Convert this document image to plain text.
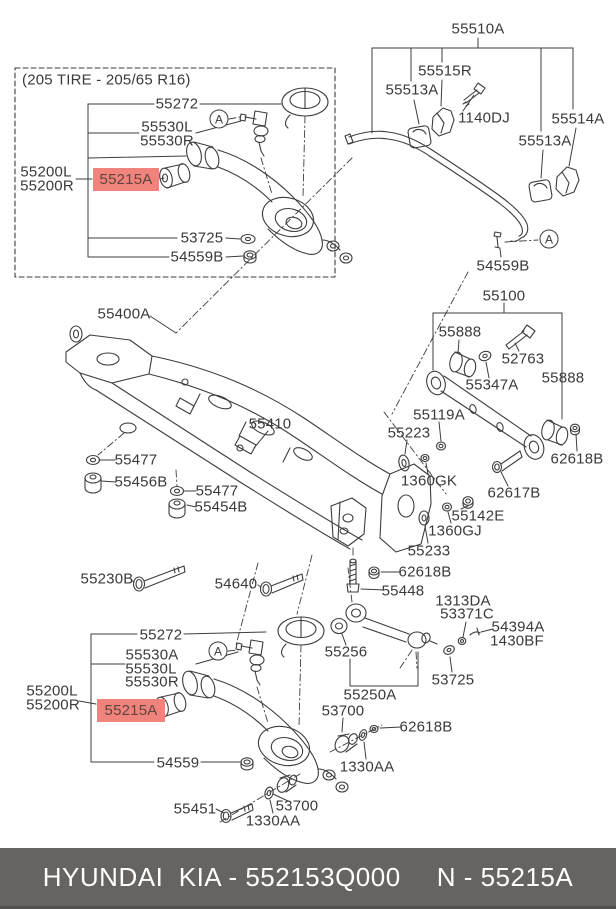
(205 TIRE - 205/65 R16)
55272
55530L
55530R
55200L
55200R	55215A
53725
54559B
55510A
55515R
55513A
1140DJ	55514A
55513A
54559B
55400A
55410
55477
55456B
55477
55454B
55230B	54640
55100
55888
52763
55347A 55888
55119A
55223
1360GK
62618B
62617B
55142E
1360GJ
55233
62618B
55448
1313DA
53371C
54394A
1430BF
55256
53725
55250A
53700
62618B
1330AA
55272
55530A
55530L
55530R
55200L
55200R	55215A
54559
55451	53700
1330AA
A
A
A
HYUNDAI  KIA - 552153Q000 N - 55215A
